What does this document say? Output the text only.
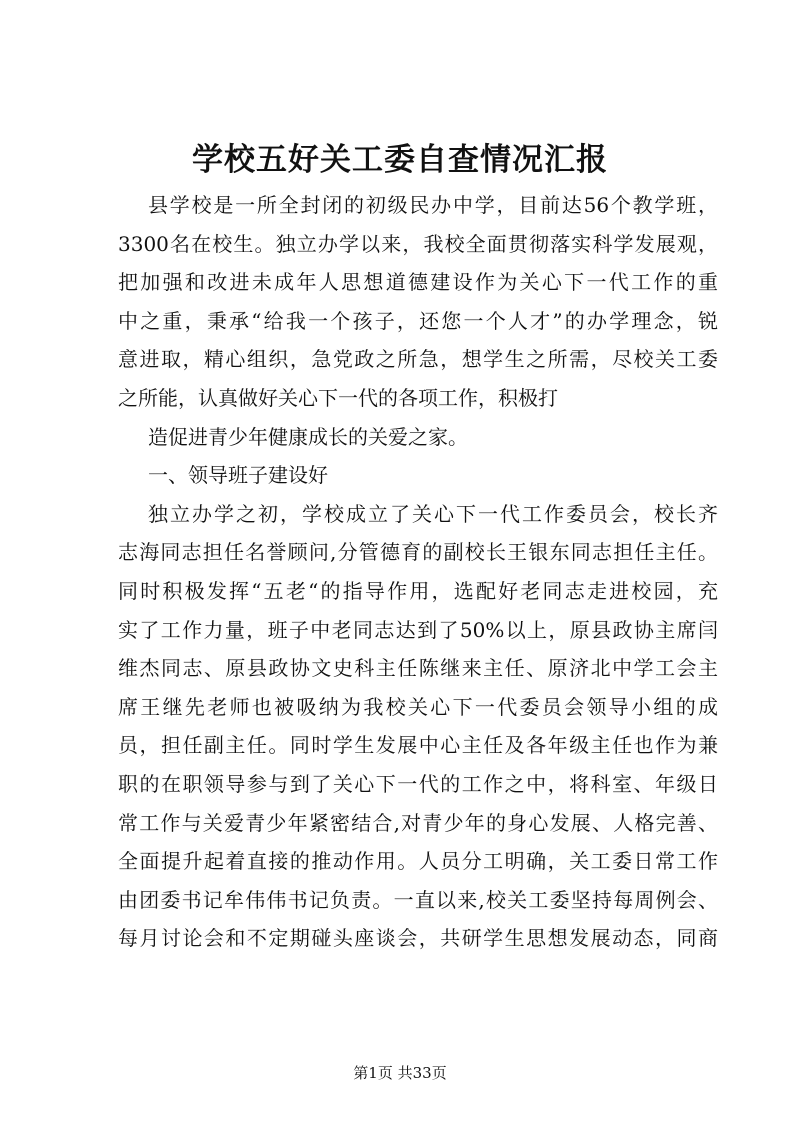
学校五好关工委自查情况汇报
县学校是一所全封闭的初级民办中学，目前达56个教学班，
3300名在校生。独立办学以来，我校全面贯彻落实科学发展观，
把加强和改进未成年人思想道德建设作为关心下一代工作的重
中之重，秉承“给我一个孩子，还您一个人才”的办学理念，锐
意进取，精心组织，急党政之所急，想学生之所需，尽校关工委
之所能，认真做好关心下一代的各项工作，积极打
造促进青少年健康成长的关爱之家。
一、领导班子建设好
独立办学之初，学校成立了关心下一代工作委员会，校长齐
志海同志担任名誉顾问,分管德育的副校长王银东同志担任主任。
同时积极发挥“五老“的指导作用，选配好老同志走进校园，充
实了工作力量，班子中老同志达到了50%以上，原县政协主席闫
维杰同志、原县政协文史科主任陈继来主任、原济北中学工会主
席王继先老师也被吸纳为我校关心下一代委员会领导小组的成
员，担任副主任。同时学生发展中心主任及各年级主任也作为兼
职的在职领导参与到了关心下一代的工作之中，将科室、年级日
常工作与关爱青少年紧密结合,对青少年的身心发展、人格完善、
全面提升起着直接的推动作用。人员分工明确，关工委日常工作
由团委书记牟伟伟书记负责。一直以来,校关工委坚持每周例会、
每月讨论会和不定期碰头座谈会，共研学生思想发展动态，同商
第1页 共33页
